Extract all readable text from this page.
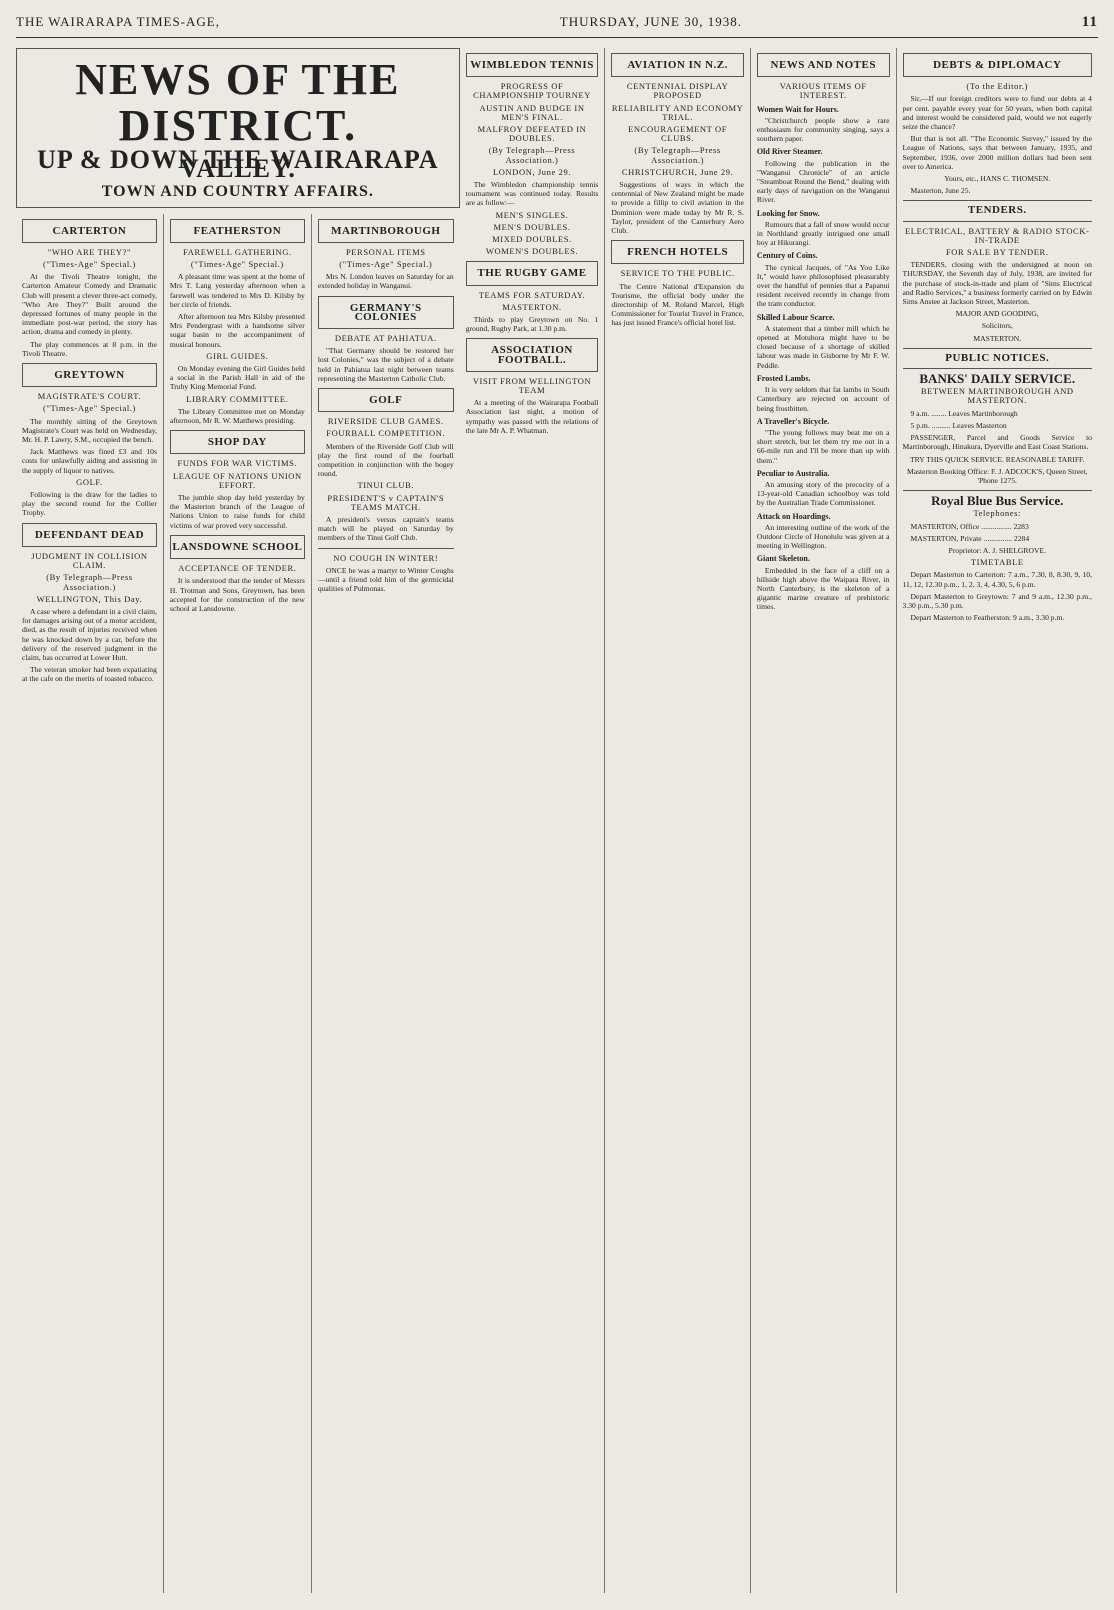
THE WAIRARAPA TIMES-AGE,	THURSDAY, JUNE 30, 1938.	11
NEWS OF THE DISTRICT.
UP & DOWN THE WAIRARAPA VALLEY.
TOWN AND COUNTRY AFFAIRS.
CARTERTON
"WHO ARE THEY?"
("Times-Age" Special.)

At the Tivoli Theatre tonight, the Carterton Amateur Comedy and Dramatic Club will present a clever three-act comedy, "Who Are They?" Built around the depressed fortunes of many people in the immediate post-war period, the story has action, drama and comedy in plenty.

The play commences at 8 p.m. in the Tivoli Theatre.

GREYTOWN
MAGISTRATE'S COURT.
("Times-Age" Special.)

The monthly sitting of the Greytown Magistrate's Court was held on Wednesday, Mr. H. P. Lawry, S.M., occupied the bench.

Jack Matthews was fined £3 and 10s costs for unlawfully aiding and assisting in the supply of liquor to natives.

GOLF.

Following is the draw for the ladies to play the second round for the Collier Trophy.

DEFENDANT DEAD
JUDGMENT IN COLLISION CLAIM.
(By Telegraph—Press Association.)
WELLINGTON, This Day.

A case where a defendant in a civil claim, for damages arising out of a motor accident, died, as the result of injuries received when he was knocked down by a car, before the delivery of the reserved judgment in the claim, has occurred at Lower Hutt.

The veteran smoker had been expatiating at the cafe on the merits of toasted tobacco.

FEATHERSTON
FAREWELL GATHERING.
("Times-Age" Special.)

A pleasant time was spent at the home of Mrs T. Lang yesterday afternoon when a farewell was tendered to Mrs D. Kilsby by her circle of friends.

After afternoon tea Mrs Kilsby presented Mrs Pendergrast with a handsome silver sugar basin to the accompaniment of musical honours.

GIRL GUIDES.

On Monday evening the Girl Guides held a social in the Parish Hall in aid of the Truby King Memorial Fund.

LIBRARY COMMITTEE.

The Library Committee met on Monday afternoon, Mr R. W. Matthews presiding.

SHOP DAY
FUNDS FOR WAR VICTIMS.
LEAGUE OF NATIONS UNION EFFORT.

The jumble shop day held yesterday by the Masterton branch of the League of Nations Union to raise funds for child victims of war proved very successful.

LANSDOWNE SCHOOL
ACCEPTANCE OF TENDER.

It is understood that the tender of Messrs H. Trotman and Sons, Greytown, has been accepted for the construction of the new school at Lansdowne.

MARTINBOROUGH
PERSONAL ITEMS
("Times-Age" Special.)

Mrs N. London leaves on Saturday for an extended holiday in Wanganui.

GERMANY'S COLONIES
DEBATE AT PAHIATUA.

"That Germany should be restored her lost Colonies," was the subject of a debate held in Pahiatua last night between teams representing the Masterton Catholic Club.

GOLF
RIVERSIDE CLUB GAMES.
FOURBALL COMPETITION.

Members of the Riverside Golf Club will play the first round of the fourball competition in conjunction with the bogey round.

TINUI CLUB.
PRESIDENT'S v CAPTAIN'S TEAMS MATCH.

A president's versus captain's teams match will be played on Saturday by members of the Tinui Golf Club.

NO COUGH IN WINTER!

ONCE he was a martyr to Winter Coughs—until a friend told him of the germicidal qualities of Pulmonas.

WIMBLEDON TENNIS
PROGRESS OF CHAMPIONSHIP TOURNEY
AUSTIN AND BUDGE IN MEN'S FINAL.
MALFROY DEFEATED IN DOUBLES.
(By Telegraph—Press Association.)
LONDON, June 29.

The Wimbledon championship tennis tournament was continued today. Results are as follow:—

MEN'S SINGLES.
MEN'S DOUBLES.
MIXED DOUBLES.
WOMEN'S DOUBLES.
THE RUGBY GAME
TEAMS FOR SATURDAY.
MASTERTON.

Thirds to play Greytown on No. 1 ground, Rugby Park, at 1.30 p.m.

ASSOCIATION FOOTBALL.
VISIT FROM WELLINGTON TEAM

At a meeting of the Wairarapa Football Association last night, a motion of sympathy was passed with the relations of the late Mr A. P. Whatman.

AVIATION IN N.Z.
CENTENNIAL DISPLAY PROPOSED
RELIABILITY AND ECONOMY TRIAL.
ENCOURAGEMENT OF CLUBS.
(By Telegraph—Press Association.)
CHRISTCHURCH, June 29.

Suggestions of ways in which the centennial of New Zealand might be made to provide a fillip to civil aviation in the Dominion were made today by Mr R. S. Taylor, president of the Canterbury Aero Club.

FRENCH HOTELS
SERVICE TO THE PUBLIC.

The Centre National d'Expansion du Tourisme, the official body under the directorship of M. Roland Marcel, High Commissioner for Tourist Travel in France, has just issued France's official hotel list.

NEWS AND NOTES
VARIOUS ITEMS OF INTEREST.
Women Wait for Hours.

"Christchurch people show a rare enthusiasm for community singing, says a southern paper.

Old River Steamer.

Following the publication in the "Wanganui Chronicle" of an article "Steamboat Round the Bend," dealing with early days of navigation on the Wanganui River.

Looking for Snow.

Rumours that a fall of snow would occur in Northland greatly intrigued one small boy at Hikurangi.

Century of Coins.

The cynical Jacques, of "As You Like It," would have philosophised pleasurably over the handful of pennies that a Papanui resident received recently in change from the tram conductor.

Skilled Labour Scarce.

A statement that a timber mill which he opened at Motuhora might have to be closed because of a shortage of skilled labour was made in Gisborne by Mr F. W. Peddle.

Frosted Lambs.

It is very seldom that fat lambs in South Canterbury are rejected on account of being frostbitten.

A Traveller's Bicycle.

"The young follows may beat me on a short stretch, but let them try me out in a 66-mile run and I'll be more than up with them."

Peculiar to Australia.

An amusing story of the precocity of a 13-year-old Canadian schoolboy was told by the Australian Trade Commissioner.

Attack on Hoardings.

An interesting outline of the work of the Outdoor Circle of Honolulu was given at a meeting in Wellington.

Giant Skeleton.

Embedded in the face of a cliff on a hillside high above the Waipara River, in North Canterbury, is the skeleton of a gigantic marine creature of prehistoric times.

DEBTS & DIPLOMACY
(To the Editor.)

Sir,—If our foreign creditors were to fund our debts at 4 per cent. payable every year for 50 years, when both capital and interest would be considered paid, would we not eagerly seize the chance?

But that is not all. "The Economic Survey," issued by the League of Nations, says that between January, 1935, and September, 1936, over 2000 million dollars had been sent over to America.

Yours, etc., HANS C. THOMSEN.

Masterton, June 25.

TENDERS.
ELECTRICAL, BATTERY & RADIO STOCK-IN-TRADE
FOR SALE BY TENDER.

TENDERS, closing with the undersigned at noon on THURSDAY, the Seventh day of July, 1938, are invited for the purchase of stock-in-trade and plant of "Sims Electrical and Radio Services," a business formerly carried on by Edwin Sims Anstee at Jackson Street, Masterton.

MAJOR AND GOODING,

Solicitors,

MASTERTON.

PUBLIC NOTICES.
BANKS' DAILY SERVICE.
BETWEEN MARTINBOROUGH AND MASTERTON.

9 a.m. ........ Leaves Martinborough

5 p.m. .......... Leaves Masterton

PASSENGER, Parcel and Goods Service to Martinborough, Hinakura, Dyerville and East Coast Stations.

TRY THIS QUICK SERVICE. REASONABLE TARIFF.

Masterton Booking Office: F. J. ADCOCK'S, Queen Street, 'Phone 1275.

Royal Blue Bus Service.
Telephones:

MASTERTON, Office ................ 2283

MASTERTON, Private ............... 2284

Proprietor: A. J. SHELGROVE.

TIMETABLE

Depart Masterton to Carterton: 7 a.m., 7.30, 8, 8.30, 9, 10, 11, 12, 12.30 p.m., 1, 2, 3, 4, 4.30, 5, 6 p.m.

Depart Masterton to Greytown: 7 and 9 a.m., 12.30 p.m., 3.30 p.m., 5.30 p.m.

Depart Masterton to Featherston: 9 a.m., 3.30 p.m.
